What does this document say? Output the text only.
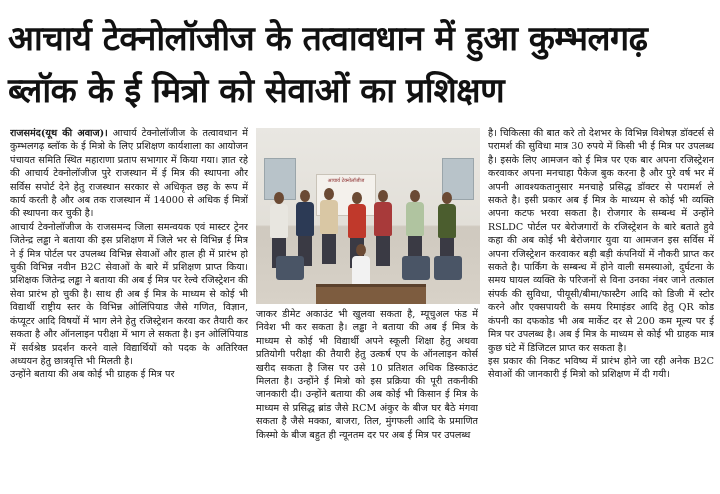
आचार्य टेक्नोलॉजीज के तत्वावधान में हुआ कुम्भलगढ़
ब्लॉक के ई मित्रो को सेवाओं का प्रशिक्षण

राजसमंद(यूथ की अवाज)। आचार्य टेक्नोलॉजीज के तत्वावधान में कुम्भलगढ़ ब्लॉक के ई मित्रो के लिए प्रशिक्षण कार्यशाला का आयोजन पंचायत समिति स्थित महाराणा प्रताप सभागार में किया गया। ज्ञात रहे की आचार्य टेक्नोलॉजीज पुरे राजस्थान में ई मित्र की स्थापना और सर्विस सपोर्ट देने हेतु राजस्थान सरकार से अधिकृत छह के रूप में कार्य करती है और अब तक राजस्थान में 14000 से अधिक ई मित्रों की स्थापना कर चुकी है।

आचार्य टेक्नोलॉजीज के राजसमन्द जिला समन्वयक एवं मास्टर ट्रेनर जितेन्द्र लड्ढा ने बताया की इस प्रशिक्षण में जिले भर से विभिन्न ई मित्र ने ई मित्र पोर्टल पर उपलब्ध विभिन्न सेवाओं और हाल ही में प्रारंभ हो चुकी विभिन्न नवीन B2C सेवाओं के बारे में प्रशिक्षण प्राप्त किया। प्रशिक्षक जितेन्द्र लड्ढा ने बताया की अब ई मित्र पर रेल्वे रजिस्ट्रेशन की सेवा प्रारंभ हो चुकी है। साथ ही अब ई मित्र के माध्यम से कोई भी विद्यार्थी राष्ट्रीय स्तर के विभिन्न ओलिंपियाड जैसे गणित, विज्ञान, कंप्यूटर आदि विषयों में भाग लेने हेतु रजिस्ट्रेशन करवा कर तैयारी कर सकता है और ऑनलाइन परीक्षा में भाग ले सकता है। इन ओलिंपियाड में सर्वश्रेष्ठ प्रदर्शन करने वाले विद्यार्थियों को पदक के अतिरिक्त अध्ययन हेतु छात्रवृत्ति भी मिलती है।

उन्होंने बताया की अब कोई भी ग्राहक ई मित्र पर

आचार्य टेक्नोलॉजीज

जाकर डीमेट अकाउंट भी खुलवा सकता है, म्यूचुअल फंड में निवेश भी कर सकता है। लड्ढा ने बताया की अब ई मित्र के माध्यम से कोई भी विद्यार्थी अपने स्कूली शिक्षा हेतु अथवा प्रतियोगी परीक्षा की तैयारी हेतु उत्कर्ष एप के ऑनलाइन कोर्स खरीद सकता है जिस पर उसे 10 प्रतिशत अधिक डिस्काउंट मिलता है। उन्होंने ई मित्रो को इस प्रक्रिया की पूरी तकनीकी जानकारी दी। उन्होंने बताया की अब कोई भी किसान ई मित्र के माध्यम से प्रसिद्ध ब्रांड जैसे RCM अंकुर के बीज घर बैठे मंगवा सकता है जैसे मक्का, बाजरा, तिल, मुंगफली आदि के प्रमाणित किस्मो के बीज बहुत ही न्यूनतम दर पर अब ई मित्र पर उपलब्ध

है। चिकित्सा की बात करे तो देशभर के विभिन्न विशेषज्ञ डॉक्टर्स से परामर्श की सुविधा मात्र 30 रुपये में किसी भी ई मित्र पर उपलब्ध है। इसके लिए आमजन को ई मित्र पर एक बार अपना रजिस्ट्रेशन करवाकर अपना मनचाहा पैकेज बुक करना है और पुरे वर्ष भर में अपनी आवश्यकतानुसार मनचाहे प्रसिद्ध डॉक्टर से परामर्श ले सकते है। इसी प्रकार अब ई मित्र के माध्यम से कोई भी व्यक्ति अपना कटफ भरवा सकता है। रोजगार के सम्बन्ध में उन्होंने RSLDC पोर्टल पर बेरोजगारों के रजिस्ट्रेशन के बारे बताते हुवे कहा की अब कोई भी बेरोजगार युवा या आमजन इस सर्विस में अपना रजिस्ट्रेशन करवाकर बड़ी बड़ी कंपनियों में नौकरी प्राप्त कर सकते है। पार्किंग के सम्बन्ध में होने वाली समस्याओ, दुर्घटना के समय घायल व्यक्ति के परिजनों से विना उनका नंबर जाने तत्काल संपर्क की सुविधा, पीयूसी/बीमा/फास्टैग आदि को डिजी में स्टोर करने और एक्सपायरी के समय रिमाइंडर आदि हेतु QR कोड कंपनी का दफकोड भी अब मार्केट दर से 200 कम मूल्य पर ई मित्र पर उपलब्ध है। अब ई मित्र के माध्यम से कोई भी ग्राहक मात्र कुछ घंटे में डिजिटल प्राप्त कर सकता है।

इस प्रकार की निकट भविष्य में प्रारंभ होने जा रही अनेक B2C सेवाओं की जानकारी ई मित्रो को प्रशिक्षण में दी गयी।
